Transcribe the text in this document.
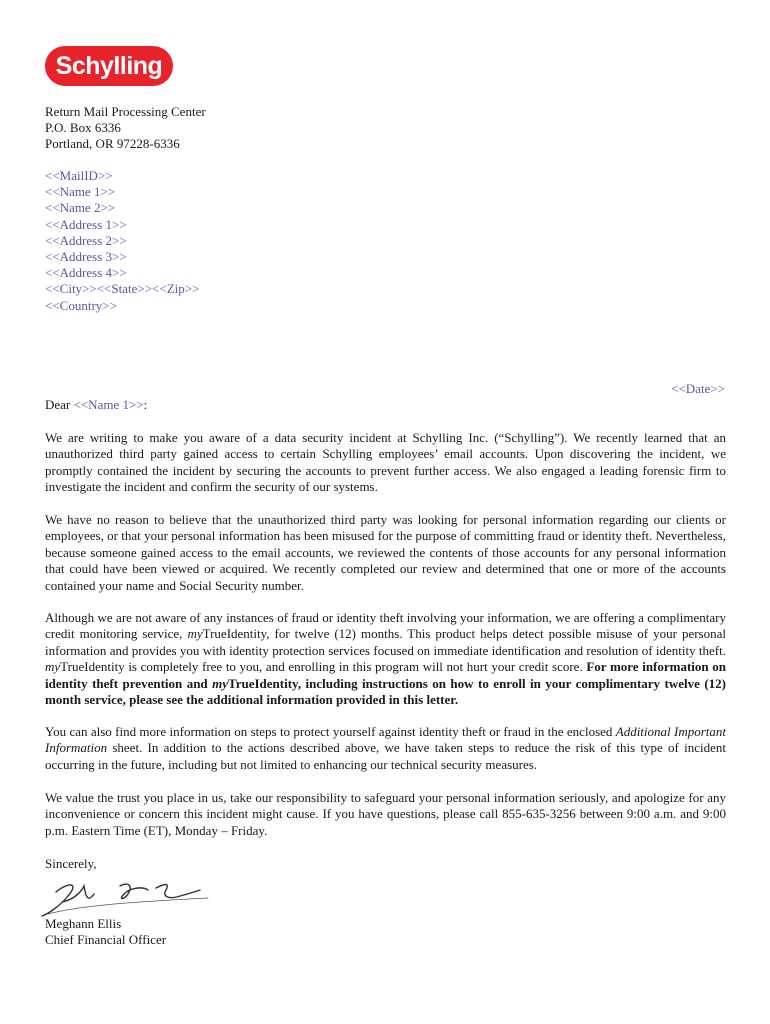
Schylling
Return Mail Processing Center
P.O. Box 6336
Portland, OR 97228-6336
<<MailID>>
<<Name 1>>
<<Name 2>>
<<Address 1>>
<<Address 2>>
<<Address 3>>
<<Address 4>>
<<City>><<State>><<Zip>>
<<Country>>
<<Date>>
Dear <<Name 1>>:

We are writing to make you aware of a data security incident at Schylling Inc. (“Schylling”). We recently learned that an unauthorized third party gained access to certain Schylling employees’ email accounts. Upon discovering the incident, we promptly contained the incident by securing the accounts to prevent further access. We also engaged a leading forensic firm to investigate the incident and confirm the security of our systems.

We have no reason to believe that the unauthorized third party was looking for personal information regarding our clients or employees, or that your personal information has been misused for the purpose of committing fraud or identity theft. Nevertheless, because someone gained access to the email accounts, we reviewed the contents of those accounts for any personal information that could have been viewed or acquired. We recently completed our review and determined that one or more of the accounts contained your name and Social Security number.

Although we are not aware of any instances of fraud or identity theft involving your information, we are offering a complimentary credit monitoring service, myTrueIdentity, for twelve (12) months. This product helps detect possible misuse of your personal information and provides you with identity protection services focused on immediate identification and resolution of identity theft. myTrueIdentity is completely free to you, and enrolling in this program will not hurt your credit score. For more information on identity theft prevention and myTrueIdentity, including instructions on how to enroll in your complimentary twelve (12) month service, please see the additional information provided in this letter.

You can also find more information on steps to protect yourself against identity theft or fraud in the enclosed Additional Important Information sheet. In addition to the actions described above, we have taken steps to reduce the risk of this type of incident occurring in the future, including but not limited to enhancing our technical security measures.

We value the trust you place in us, take our responsibility to safeguard your personal information seriously, and apologize for any inconvenience or concern this incident might cause. If you have questions, please call 855-635-3256 between 9:00 a.m. and 9:00 p.m. Eastern Time (ET), Monday – Friday.

Sincerely,
Meghann Ellis
Chief Financial Officer
